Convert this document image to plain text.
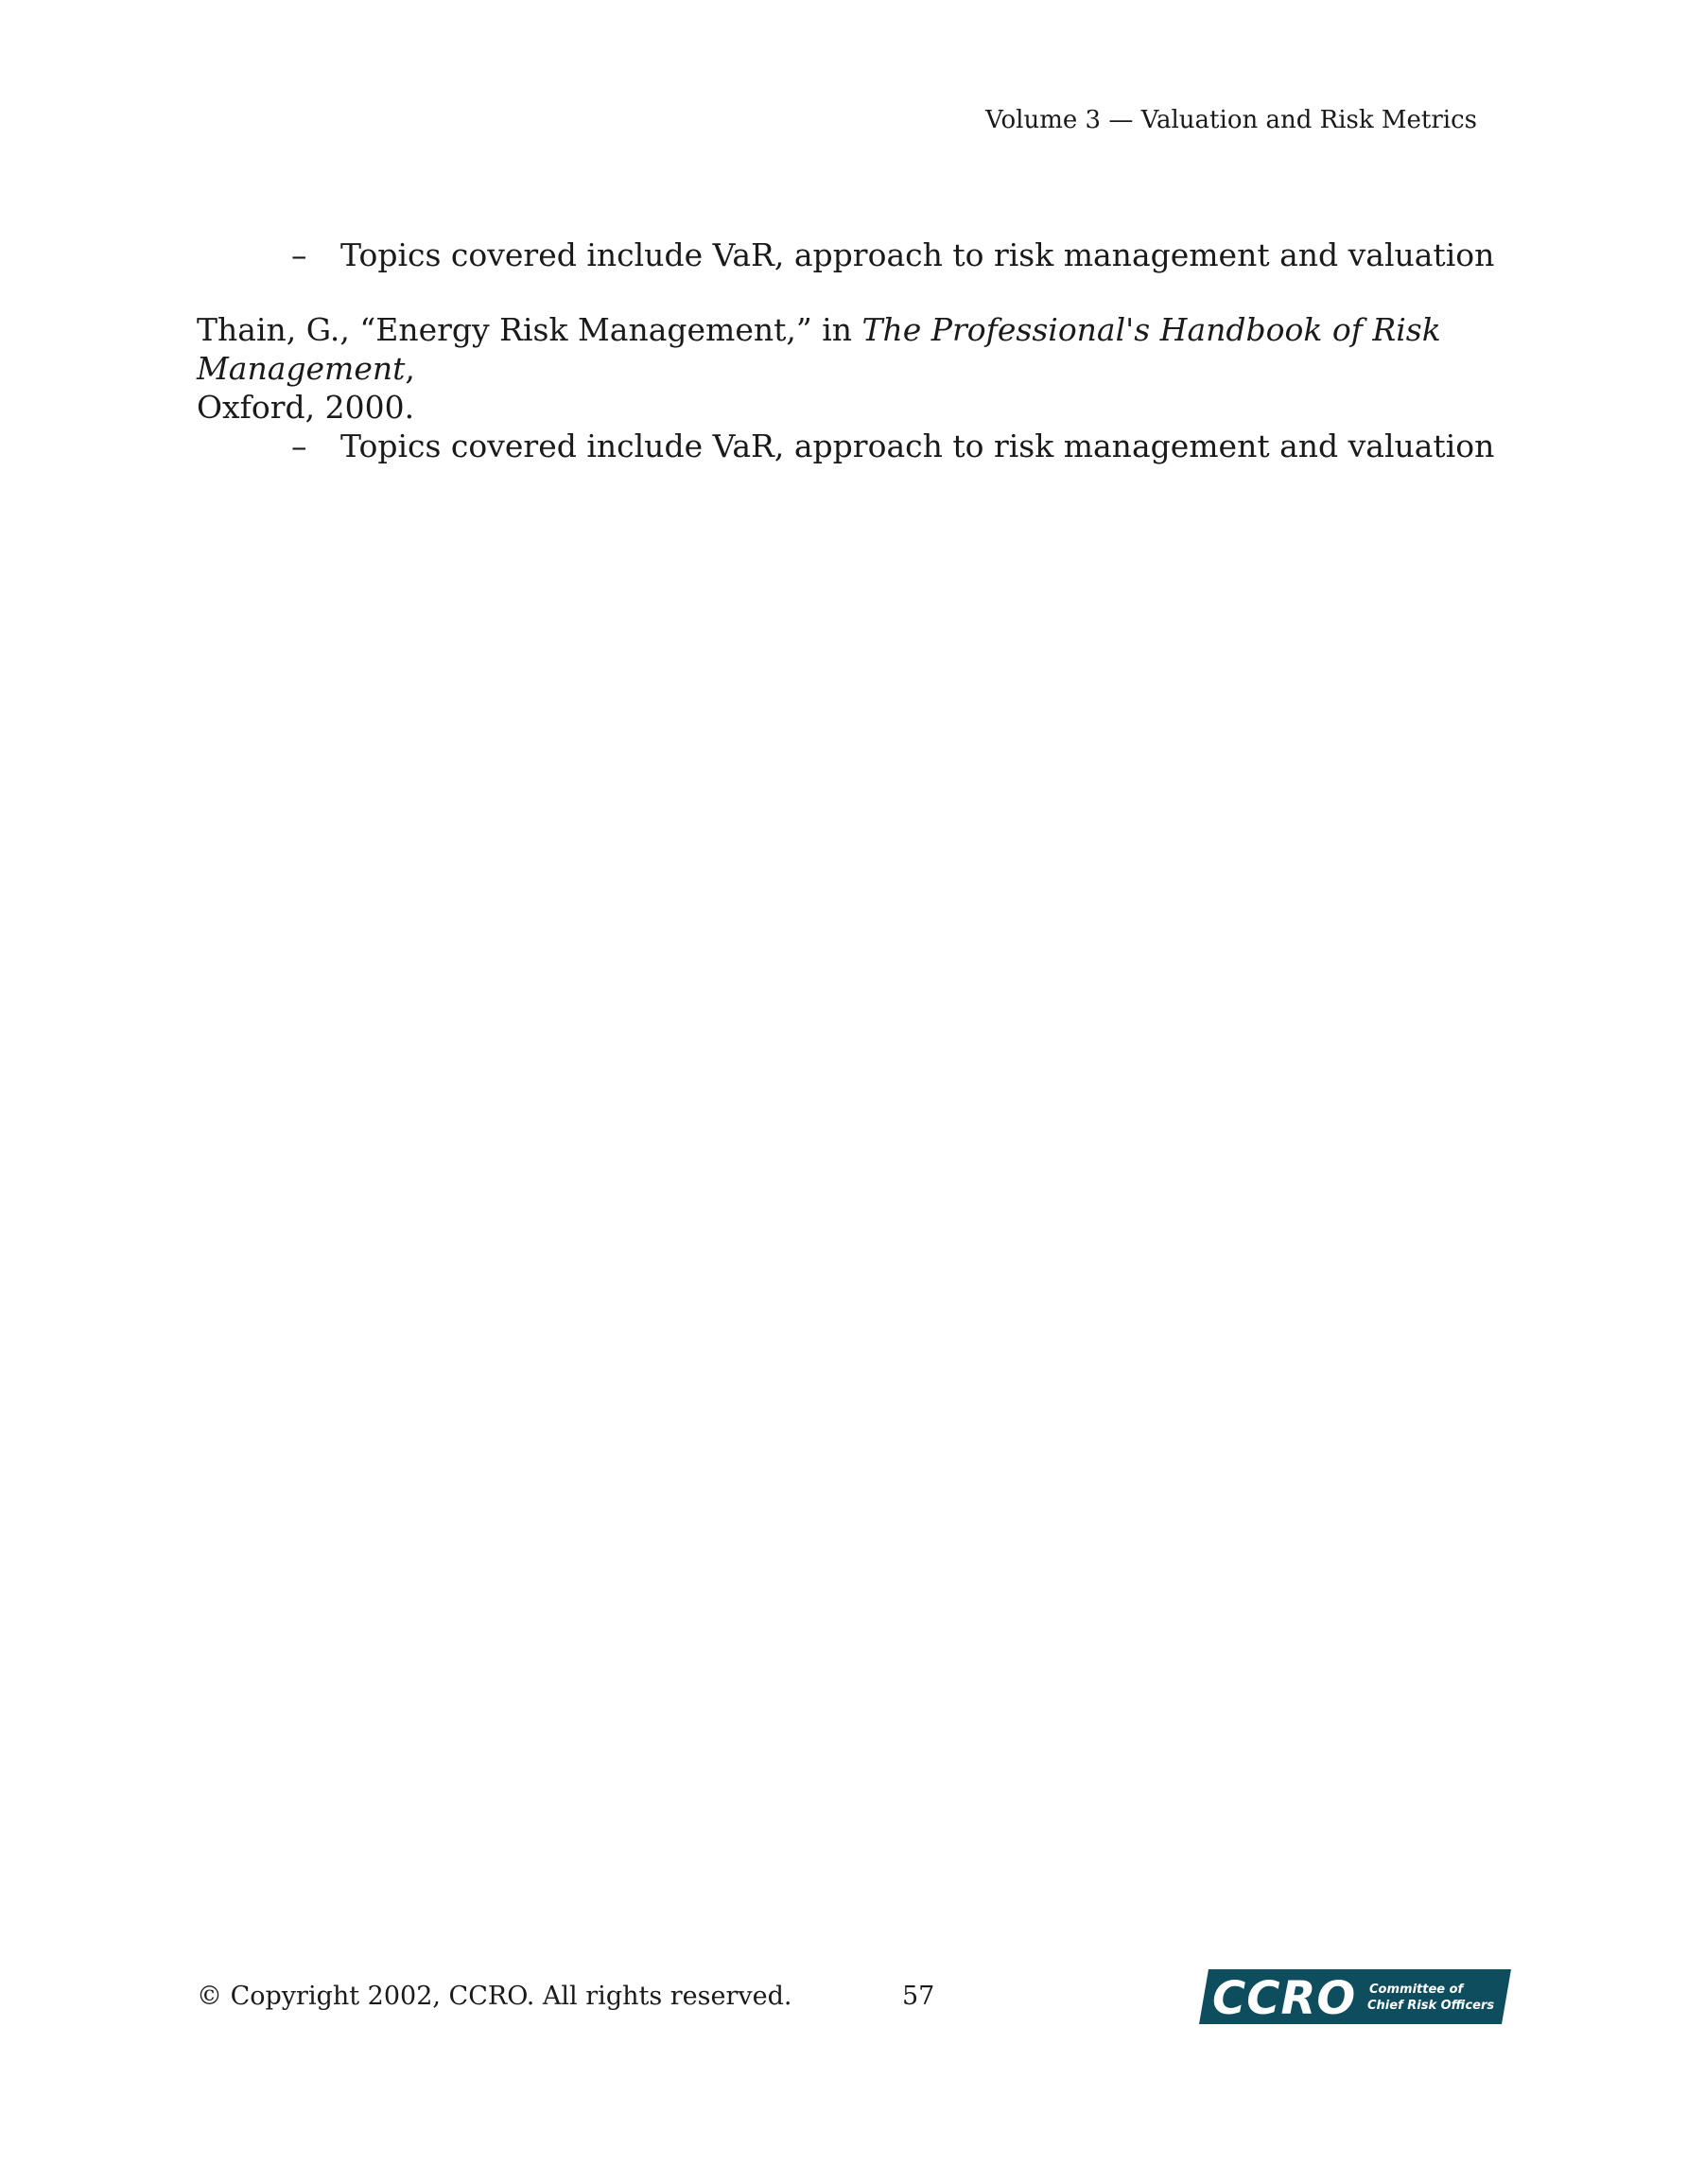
Volume 3 — Valuation and Risk Metrics
– Topics covered include VaR, approach to risk management and valuation
Thain, G., “Energy Risk Management,” in The Professional's Handbook of Risk Management,
Oxford, 2000.
– Topics covered include VaR, approach to risk management and valuation
© Copyright 2002, CCRO. All rights reserved.	57	CCRO Committee of
Chief Risk Officers
